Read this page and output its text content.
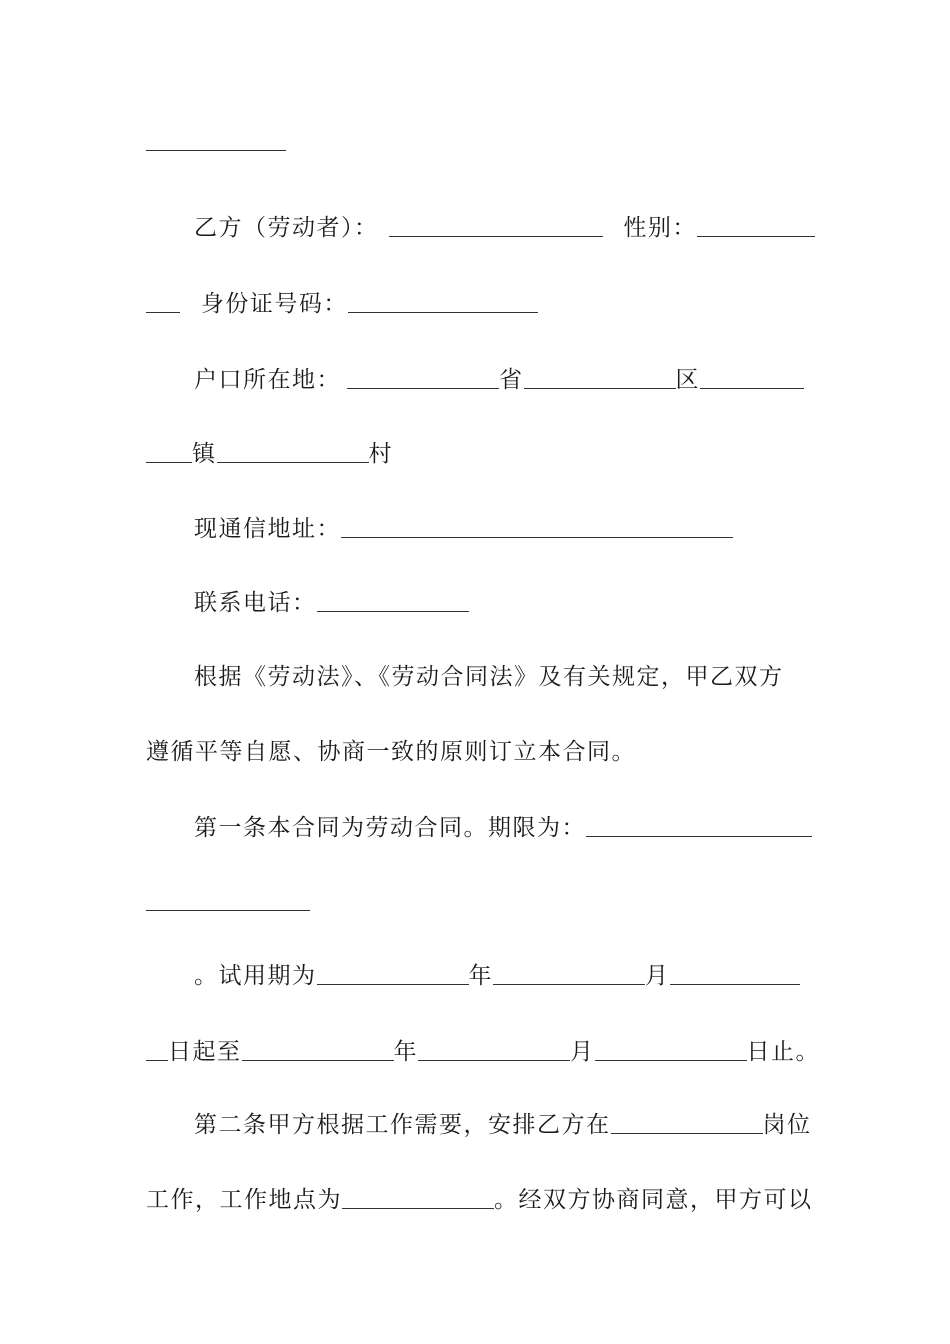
乙方（劳动者）：	性别：
身份证号码：
户口所在地：	省	区
镇	村
现通信地址：
联系电话：
根据《劳动法》、《劳动合同法》及有关规定，甲乙双方
遵循平等自愿、协商一致的原则订立本合同。
第一条本合同为劳动合同。期限为：
。试用期为	年	月
日起至	年	月	日止。
第二条甲方根据工作需要，安排乙方在	岗位
工作，工作地点为	。经双方协商同意，甲方可以
